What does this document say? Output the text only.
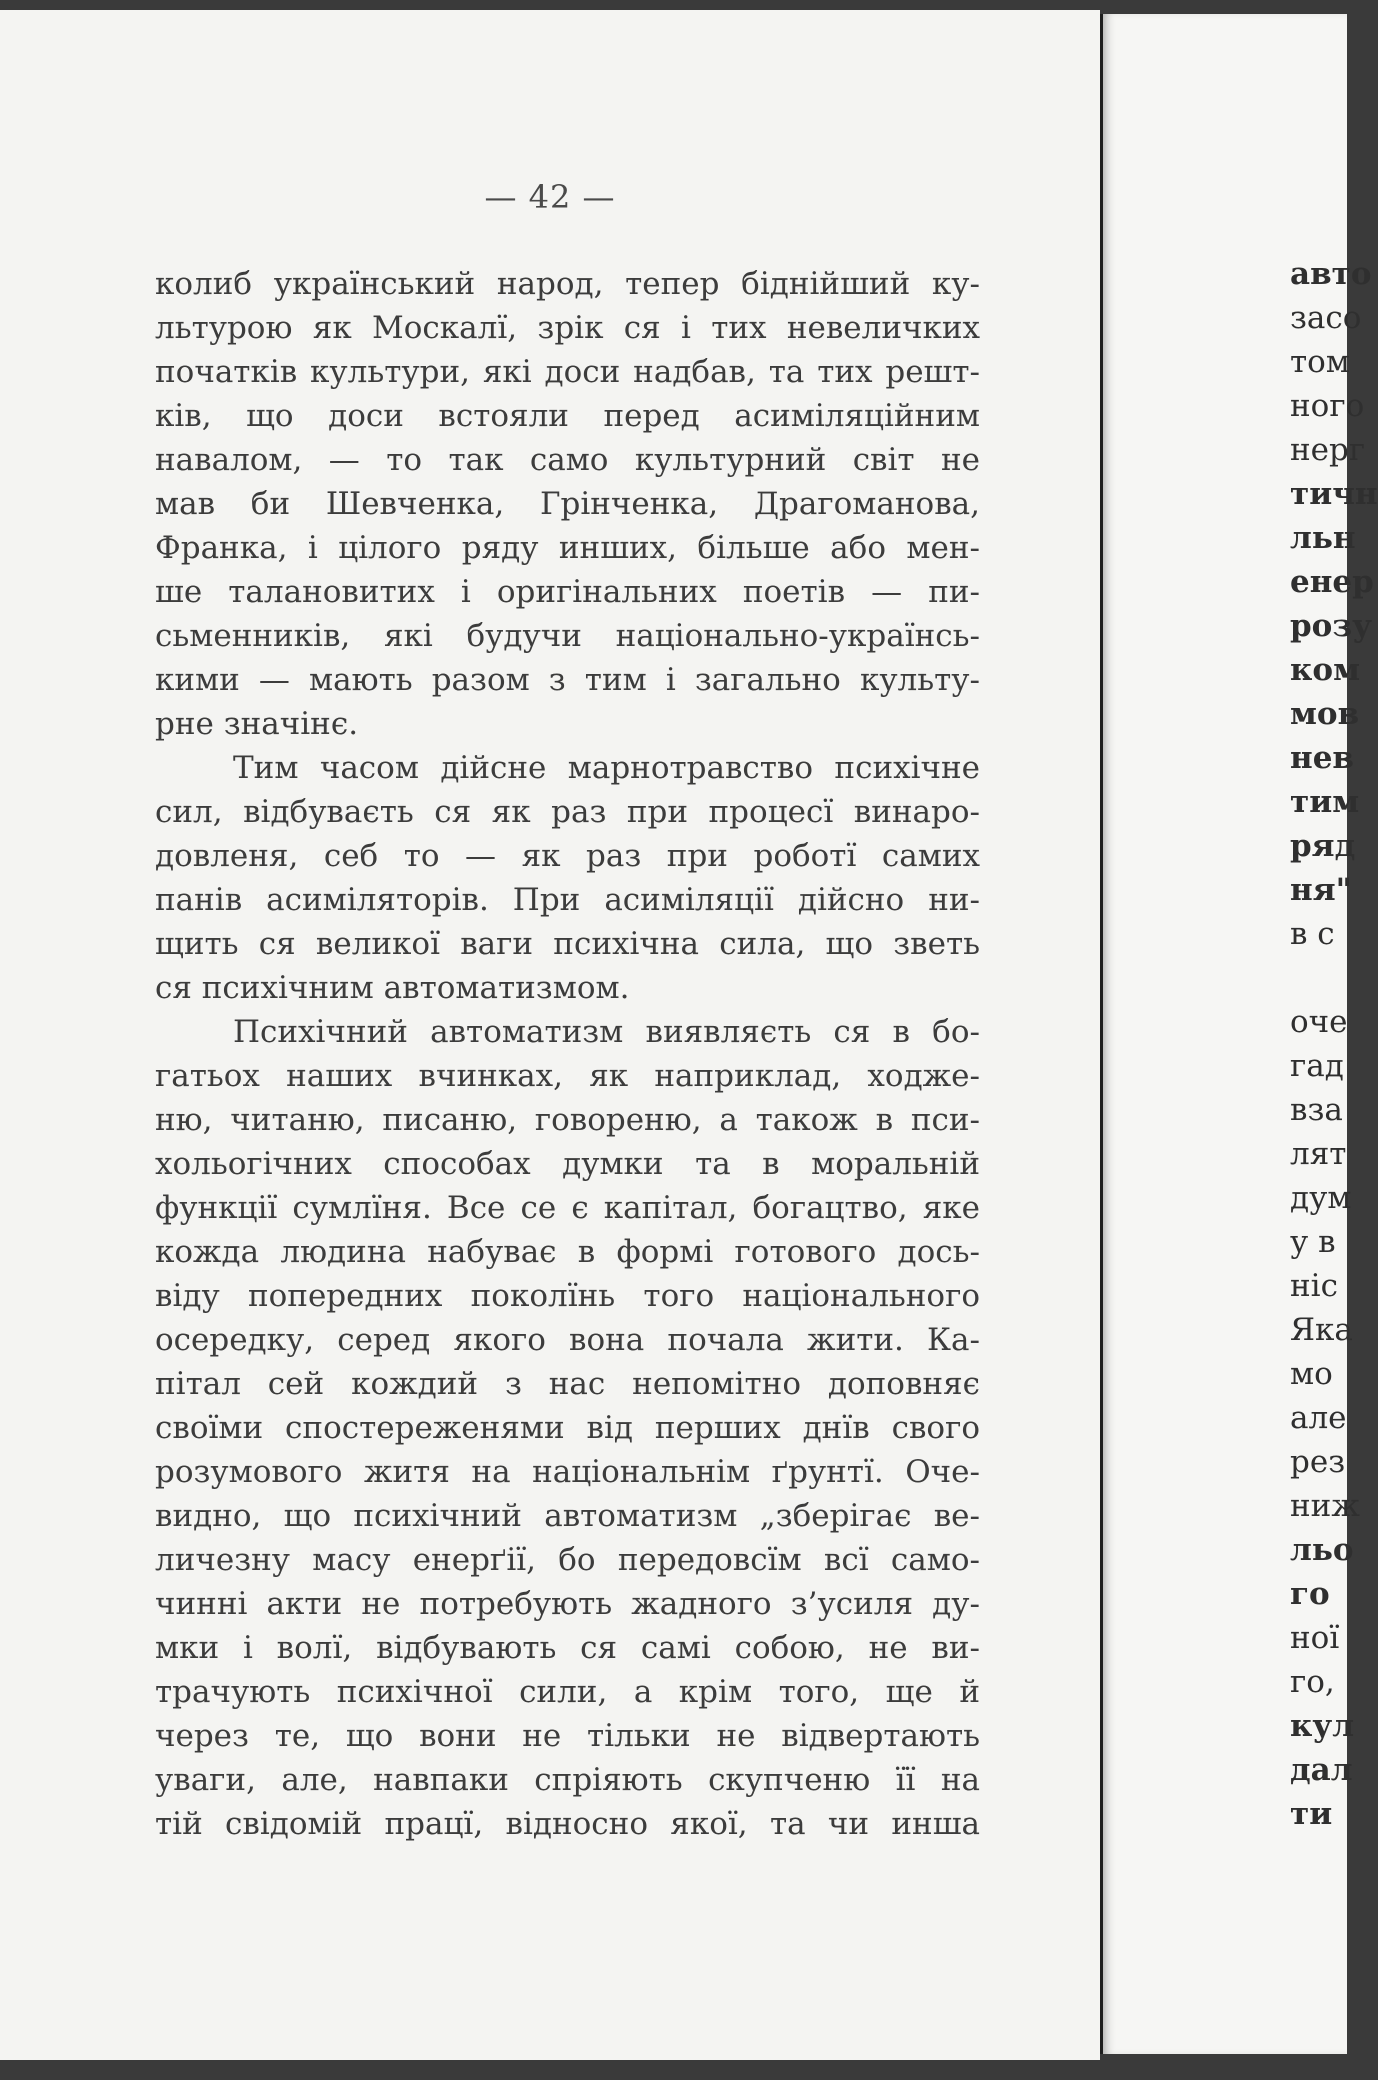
— 42 —
колиб український народ, тепер біднійший ку-
льтурою як Москалї, зрік ся і тих невеличких
початків культури, які доси надбав, та тих решт-
ків, що доси встояли перед асиміляційним
навалом, — то так само культурний світ не
мав би Шевченка, Грінченка, Драгоманова,
Франка, і цілого ряду инших, більше або мен-
ше талановитих і оригінальних поетів — пи-
сьменників, які будучи національно-українсь-
кими — мають разом з тим і загально культу-
рне значінє.
Тим часом дійсне марнотравство психічне
сил, відбуваєть ся як раз при процесї винаро-
довленя, себ то — як раз при роботї самих
панів асиміляторів. При асиміляції дійсно ни-
щить ся великої ваги психічна сила, що зветь
ся психічним автоматизмом.
Психічний автоматизм виявляєть ся в бо-
гатьох наших вчинках, як наприклад, ходже-
ню, читаню, писаню, говореню, а також в пси-
хольогічних способах думки та в моральній
функції сумлїня. Все се є капітал, богацтво, яке
кожда людина набуває в формі готового дось-
віду попередних поколїнь того національного
осередку, серед якого вона почала жити. Ка-
пітал сей кождий з нас непомітно доповняє
своїми спостереженями від перших днїв свого
розумового житя на національнім ґрунтї. Оче-
видно, що психічний автоматизм „зберігає ве-
личезну масу енерґії, бо передовсїм всї само-
чинні акти не потребують жадного з’усиля ду-
мки і волї, відбувають ся самі собою, не ви-
трачують психічної сили, а крім того, ще й
через те, що вони не тільки не відвертають
уваги, але, навпаки спріяють скупченю її на
тій свідомій працї, відносно якої, та чи инша
авто
засо
том
ного
нерг
тичн
льн
енер
розу
ком
мов
нев
тим
ряд
ня"
в с
оче
гад
вза
лят
дум
у в
ніс
Яка
мо
але
рез
ниж
льо
го
ної
го,
кул
дал
ти
